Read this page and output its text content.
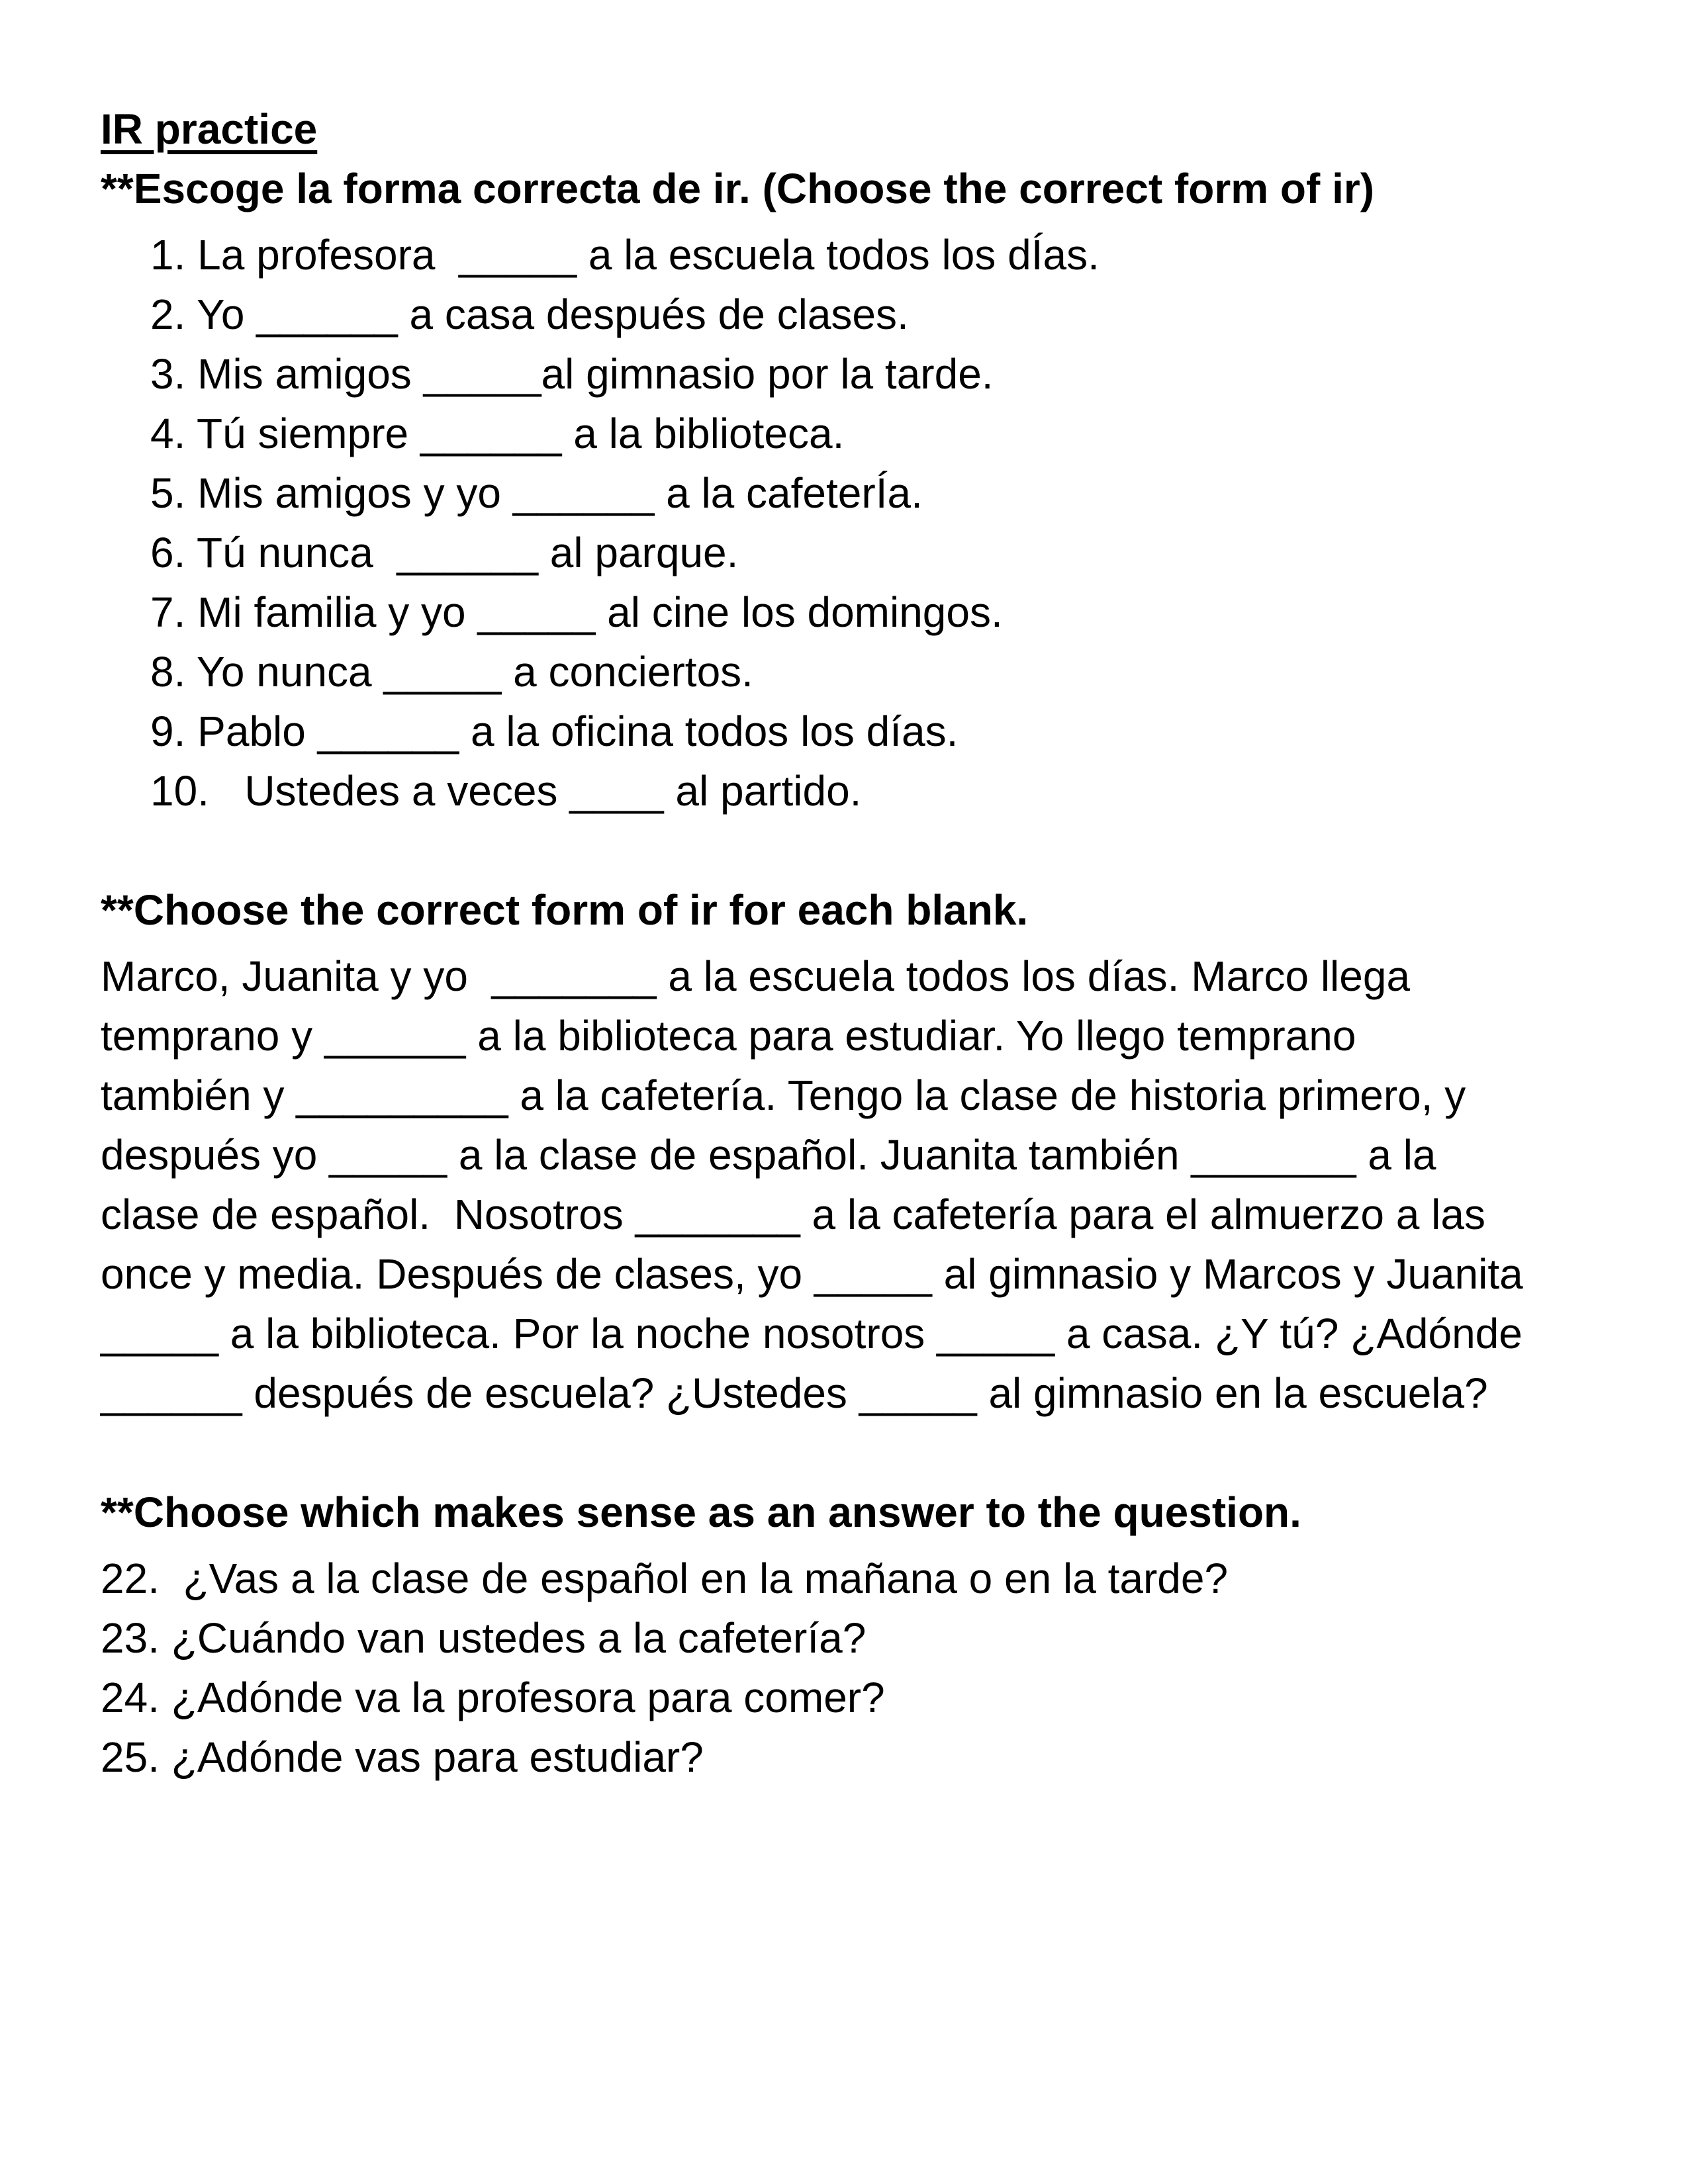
IR practice
**Escoge la forma correcta de ir. (Choose the correct form of ir)
1. La profesora  _____ a la escuela todos los dÍas.
2. Yo ______ a casa después de clases.
3. Mis amigos _____al gimnasio por la tarde.
4. Tú siempre ______ a la biblioteca.
5. Mis amigos y yo ______ a la cafeterÍa.
6. Tú nunca  ______ al parque.
7. Mi familia y yo _____ al cine los domingos.
8. Yo nunca _____ a conciertos.
9. Pablo ______ a la oficina todos los días.
10.   Ustedes a veces ____ al partido.
**Choose the correct form of ir for each blank.
Marco, Juanita y yo  _______ a la escuela todos los días. Marco llega
temprano y ______ a la biblioteca para estudiar. Yo llego temprano
también y _________ a la cafetería. Tengo la clase de historia primero, y
después yo _____ a la clase de español. Juanita también _______ a la
clase de español.  Nosotros _______ a la cafetería para el almuerzo a las
once y media. Después de clases, yo _____ al gimnasio y Marcos y Juanita
_____ a la biblioteca. Por la noche nosotros _____ a casa. ¿Y tú? ¿Adónde
______ después de escuela? ¿Ustedes _____ al gimnasio en la escuela?
**Choose which makes sense as an answer to the question.
22.  ¿Vas a la clase de español en la mañana o en la tarde?
23. ¿Cuándo van ustedes a la cafetería?
24. ¿Adónde va la profesora para comer?
25. ¿Adónde vas para estudiar?
